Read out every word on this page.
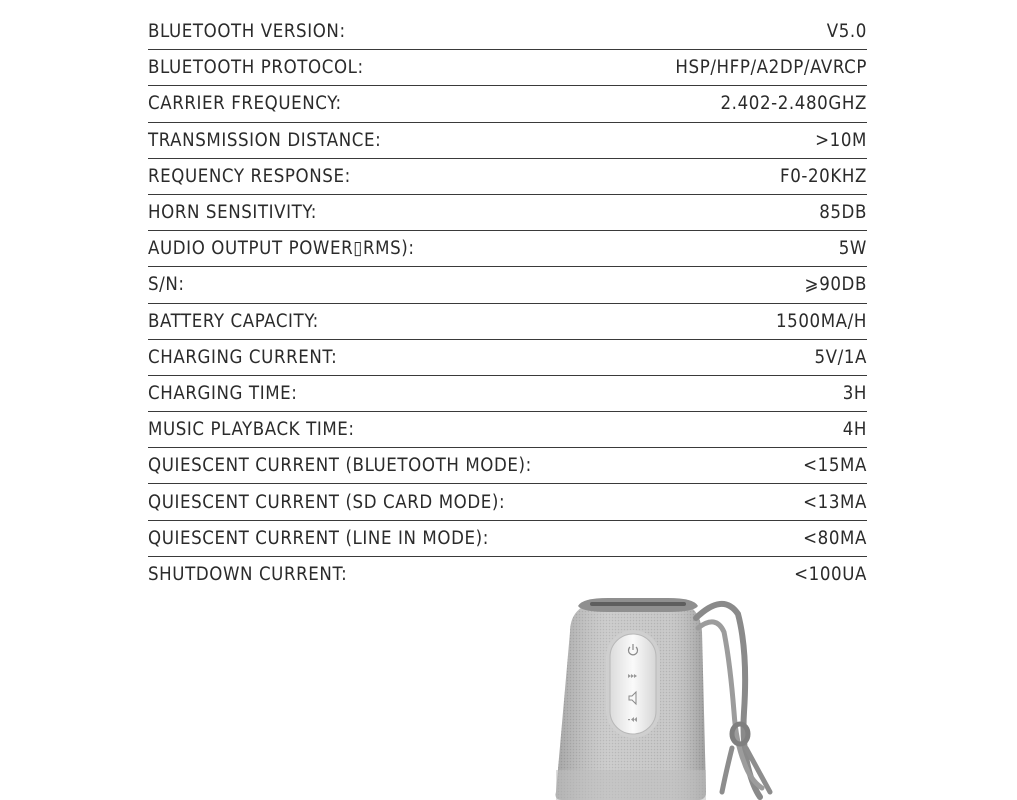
BLUETOOTH VERSION:	V5.0
BLUETOOTH PROTOCOL:	HSP/HFP/A2DP/AVRCP
CARRIER FREQUENCY:	2.402-2.480GHZ
TRANSMISSION DISTANCE:	>10M
REQUENCY RESPONSE:	F0-20KHZ
HORN SENSITIVITY:	85DB
AUDIO OUTPUT POWER▯RMS):	5W
S/N:	⩾90DB
BATTERY CAPACITY:	1500MA/H
CHARGING CURRENT:	5V/1A
CHARGING TIME:	3H
MUSIC PLAYBACK TIME:	4H
QUIESCENT CURRENT (BLUETOOTH MODE):	<15MA
QUIESCENT CURRENT (SD CARD MODE):	<13MA
QUIESCENT CURRENT (LINE IN MODE):	<80MA
SHUTDOWN CURRENT:	<100UA
